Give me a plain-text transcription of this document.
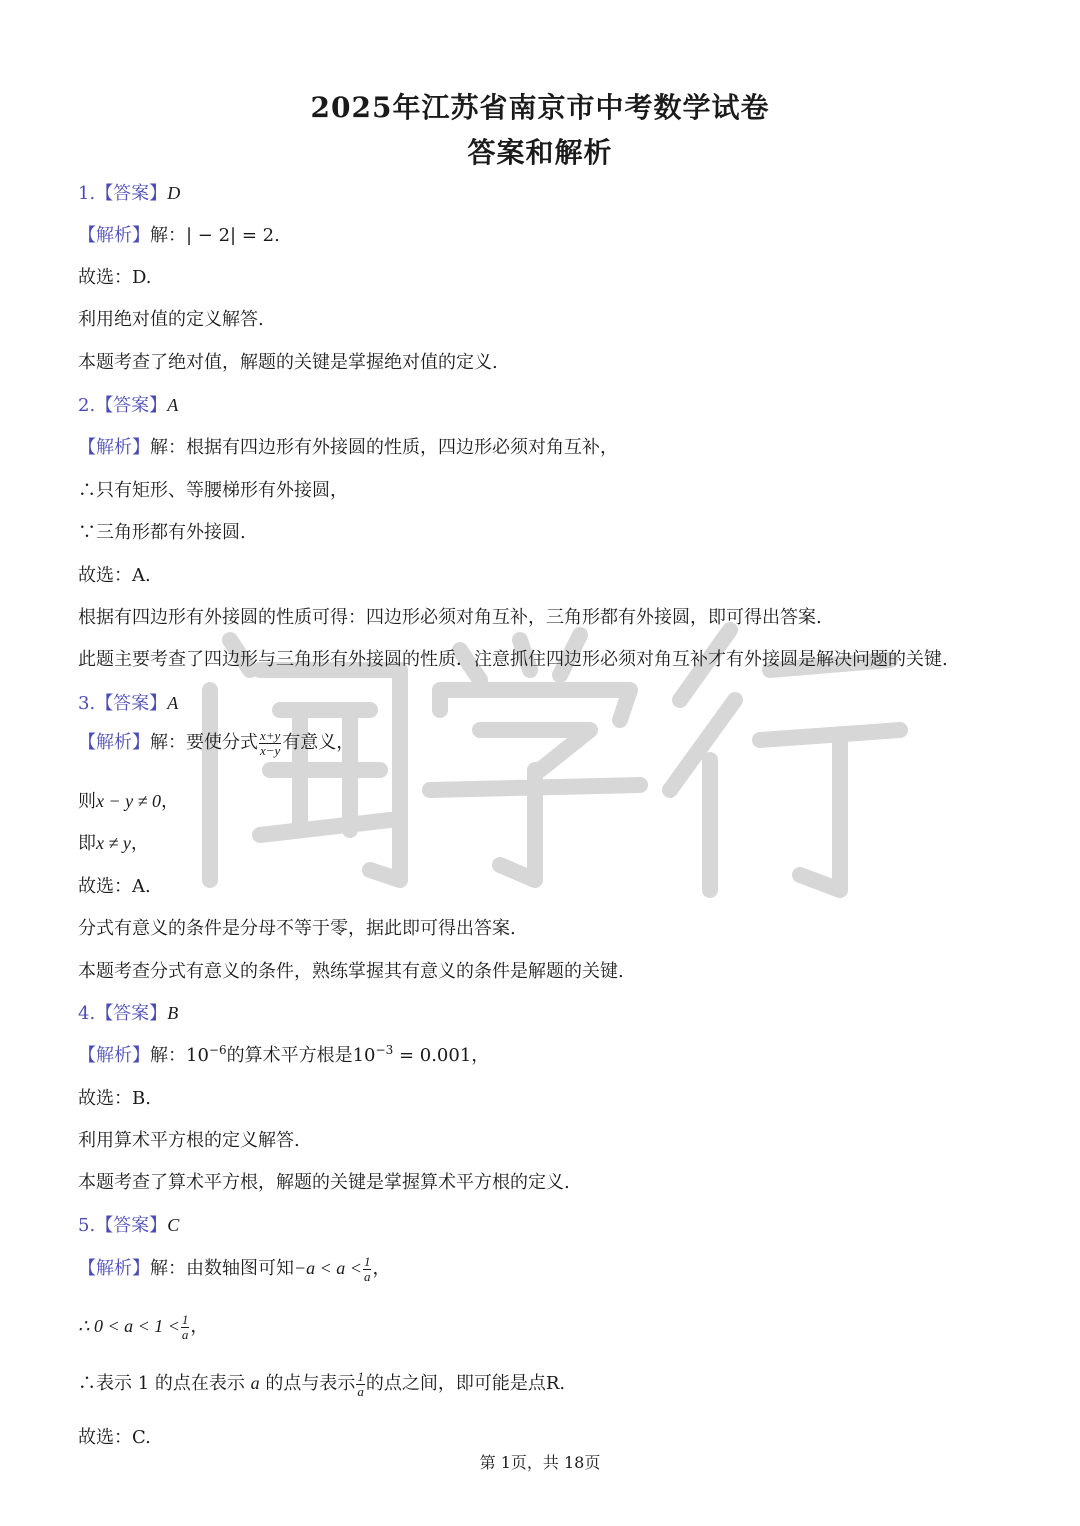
2025年江苏省南京市中考数学试卷
答案和解析
1.【答案】D
【解析】解：| − 2| = 2.
故选：D.
利用绝对值的定义解答.
本题考查了绝对值，解题的关键是掌握绝对值的定义.
2.【答案】A
【解析】解：根据有四边形有外接圆的性质，四边形必须对角互补，
∴只有矩形、等腰梯形有外接圆，
∵三角形都有外接圆.
故选：A.
根据有四边形有外接圆的性质可得：四边形必须对角互补，三角形都有外接圆，即可得出答案.
此题主要考查了四边形与三角形有外接圆的性质．注意抓住四边形必须对角互补才有外接圆是解决问题的关键.
3.【答案】A
【解析】解：要使分式 $\frac{x+y}{x-y}$ 有意义，
则x − y ≠ 0，
即x ≠ y，
故选：A.
分式有意义的条件是分母不等于零，据此即可得出答案.
本题考查分式有意义的条件，熟练掌握其有意义的条件是解题的关键.
4.【答案】B
【解析】解：$10^{-6}$的算术平方根是$10^{-3} = 0.001$，
故选：B.
利用算术平方根的定义解答.
本题考查了算术平方根，解题的关键是掌握算术平方根的定义.
5.【答案】C
【解析】解：由数轴图可知$-a < a < \frac{1}{a}$ ，
∴ $0 < a < 1 < \frac{1}{a}$ ，
∴表示 1 的点在表示 a 的点与表示 $\frac{1}{a}$ 的点之间，即可能是点R.
故选：C.
第 1页，共 18页
